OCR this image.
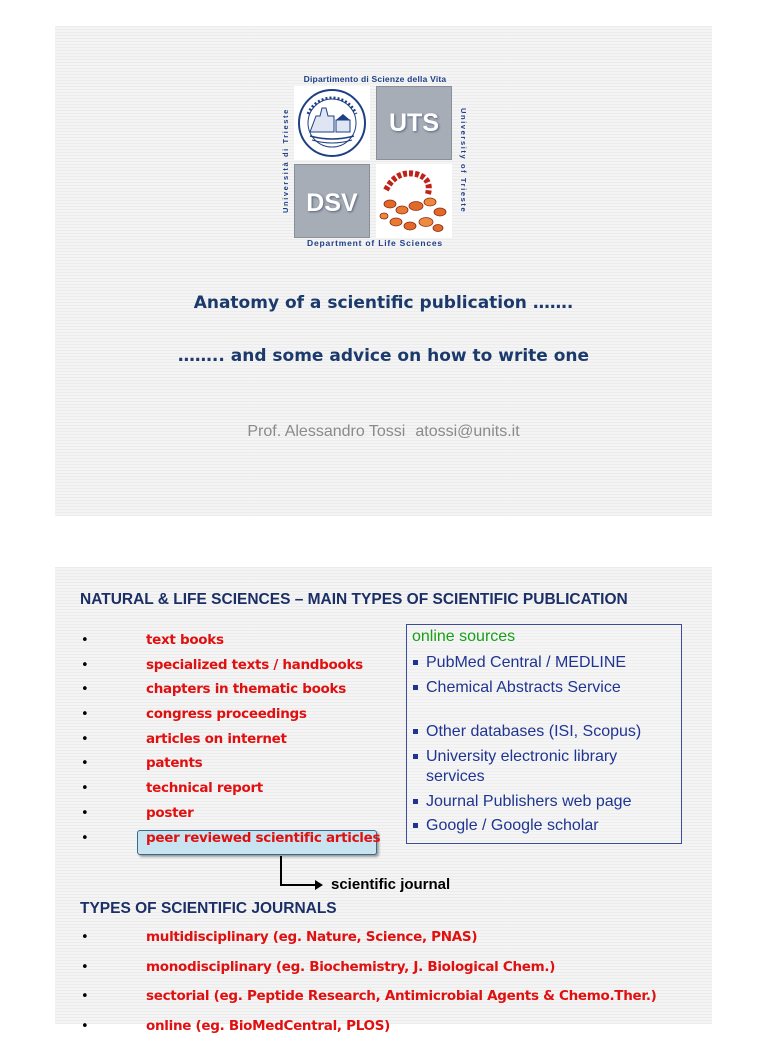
Dipartimento di Scienze della Vita
Università di Trieste	University of Trieste
UTS
DSV
Department of Life Sciences
Anatomy of a scientific publication …….
…….. and some advice on how to write one
Prof. Alessandro Tossi atossi@units.it
NATURAL & LIFE SCIENCES – MAIN TYPES OF SCIENTIFIC PUBLICATION
•	text books
•	specialized texts / handbooks
•	chapters in thematic books
•	congress proceedings
•	articles on internet
•	patents
•	technical report
•	poster
•	peer reviewed scientific articles
scientific journal
online sources
PubMed Central / MEDLINE
Chemical Abstracts Service
Other databases (ISI, Scopus)
University electronic library services
Journal Publishers web page
Google / Google scholar
TYPES OF SCIENTIFIC JOURNALS
•	multidisciplinary (eg. Nature, Science, PNAS)
•	monodisciplinary (eg. Biochemistry, J. Biological Chem.)
•	sectorial (eg. Peptide Research, Antimicrobial Agents & Chemo.Ther.)
•	online (eg. BioMedCentral, PLOS)
